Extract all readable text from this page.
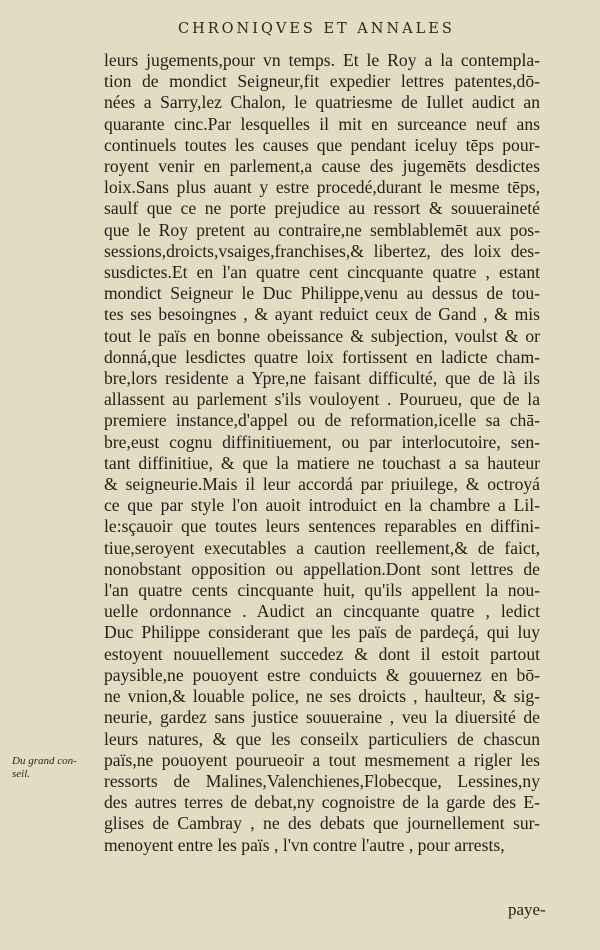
CHRONIQVES ET ANNALES
Du grand con-
seil.
leurs jugements,pour vn temps. Et le Roy a la contempla-
tion de mondict Seigneur,fit expedier lettres patentes,dō-
nées a Sarry,lez Chalon, le quatriesme de Iullet audict an
quarante cinc.Par lesquelles il mit en surceance neuf ans
continuels toutes les causes que pendant iceluy tēps pour-
royent venir en parlement,a cause des jugemēts desdictes
loix.Sans plus auant y estre procedé,durant le mesme tēps,
saulf que ce ne porte prejudice au ressort & souueraineté
que le Roy pretent au contraire,ne semblablemēt aux pos-
sessions,droicts,vsaiges,franchises,& libertez, des loix des-
susdictes.Et en l'an quatre cent cincquante quatre , estant
mondict Seigneur le Duc Philippe,venu au dessus de tou-
tes ses besoingnes , & ayant reduict ceux de Gand , & mis
tout le païs en bonne obeissance & subjection, voulst & or
donná,que lesdictes quatre loix fortissent en ladicte cham-
bre,lors residente a Ypre,ne faisant difficulté, que de là ils
allassent au parlement s'ils vouloyent . Pourueu, que de la
premiere instance,d'appel ou de reformation,icelle sa chā-
bre,eust cognu diffinitiuement, ou par interlocutoire, sen-
tant diffinitiue, & que la matiere ne touchast a sa hauteur
& seigneurie.Mais il leur accordá par priuilege, & octroyá
ce que par style l'on auoit introduict en la chambre a Lil-
le:sçauoir que toutes leurs sentences reparables en diffini-
tiue,seroyent executables a caution reellement,& de faict,
nonobstant opposition ou appellation.Dont sont lettres de
l'an quatre cents cincquante huit, qu'ils appellent la nou-
uelle ordonnance . Audict an cincquante quatre , ledict
Duc Philippe considerant que les païs de pardeçá, qui luy
estoyent nouuellement succedez & dont il estoit partout
paysible,ne pouoyent estre conduicts & gouuernez en bō-
ne vnion,& louable police, ne ses droicts , haulteur, & sig-
neurie, gardez sans justice souueraine , veu la diuersité de
leurs natures, & que les conseilx particuliers de chascun
païs,ne pouoyent pourueoir a tout mesmement a rigler les
ressorts de Malines,Valenchienes,Flobecque, Lessines,ny
des autres terres de debat,ny cognoistre de la garde des E-
glises de Cambray , ne des debats que journellement sur-
menoyent entre les païs , l'vn contre l'autre , pour arrests,
paye-
